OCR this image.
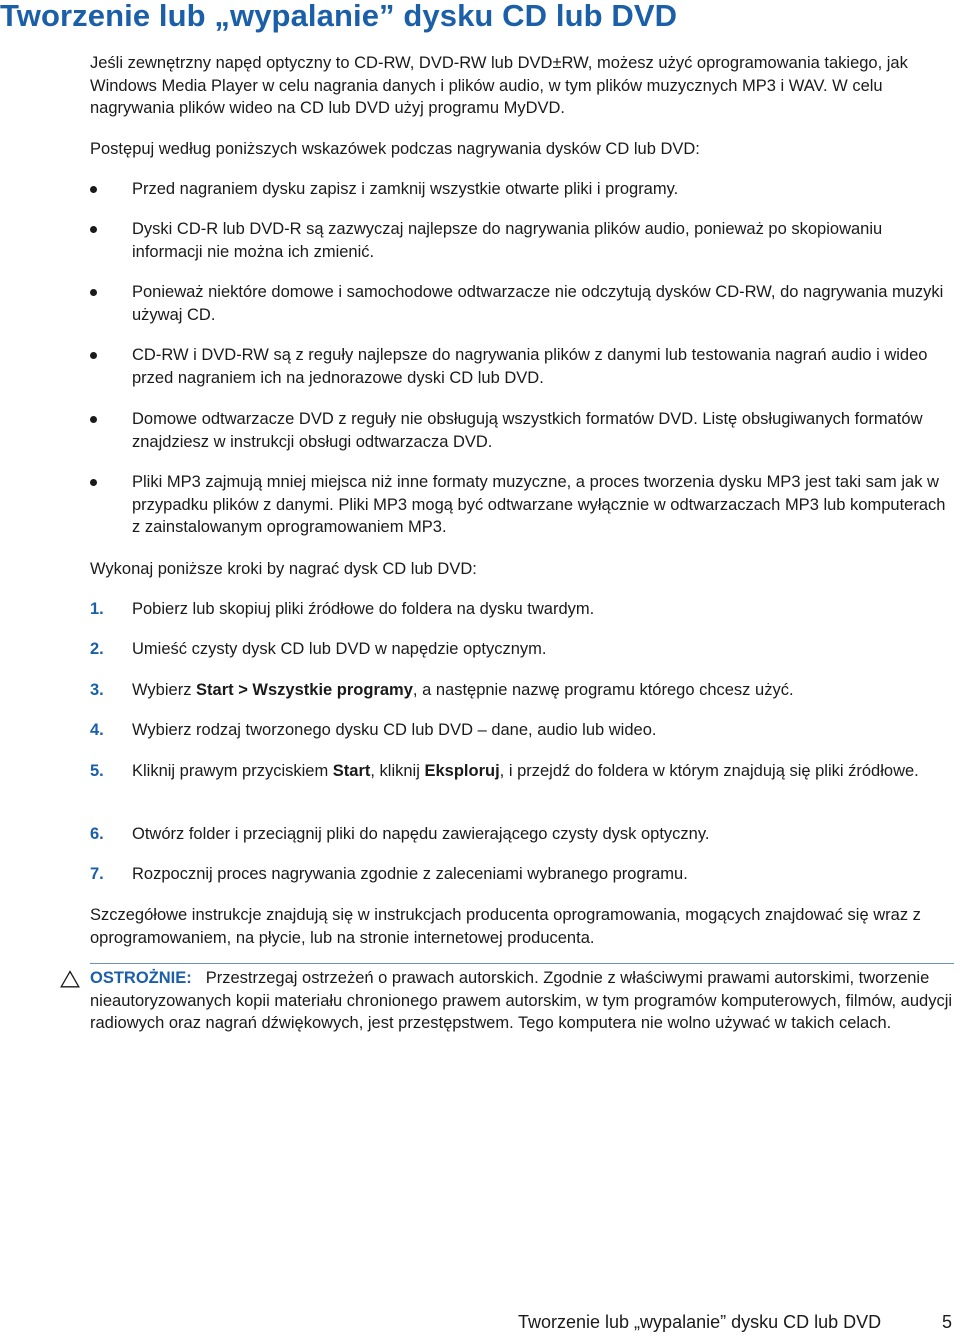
Tworzenie lub „wypalanie” dysku CD lub DVD

Jeśli zewnętrzny napęd optyczny to CD-RW, DVD-RW lub DVD±RW, możesz użyć oprogramowania takiego, jak Windows Media Player w celu nagrania danych i plików audio, w tym plików muzycznych MP3 i WAV. W celu nagrywania plików wideo na CD lub DVD użyj programu MyDVD.

Postępuj według poniższych wskazówek podczas nagrywania dysków CD lub DVD:

Przed nagraniem dysku zapisz i zamknij wszystkie otwarte pliki i programy.
Dyski CD-R lub DVD-R są zazwyczaj najlepsze do nagrywania plików audio, ponieważ po skopiowaniu informacji nie można ich zmienić.
Ponieważ niektóre domowe i samochodowe odtwarzacze nie odczytują dysków CD-RW, do nagrywania muzyki używaj CD.
CD-RW i DVD-RW są z reguły najlepsze do nagrywania plików z danymi lub testowania nagrań audio i wideo przed nagraniem ich na jednorazowe dyski CD lub DVD.
Domowe odtwarzacze DVD z reguły nie obsługują wszystkich formatów DVD. Listę obsługiwanych formatów znajdziesz w instrukcji obsługi odtwarzacza DVD.
Pliki MP3 zajmują mniej miejsca niż inne formaty muzyczne, a proces tworzenia dysku MP3 jest taki sam jak w przypadku plików z danymi. Pliki MP3 mogą być odtwarzane wyłącznie w odtwarzaczach MP3 lub komputerach z zainstalowanym oprogramowaniem MP3.

Wykonaj poniższe kroki by nagrać dysk CD lub DVD:

1. Pobierz lub skopiuj pliki źródłowe do foldera na dysku twardym.
2. Umieść czysty dysk CD lub DVD w napędzie optycznym.
3. Wybierz Start > Wszystkie programy, a następnie nazwę programu którego chcesz użyć.
4. Wybierz rodzaj tworzonego dysku CD lub DVD – dane, audio lub wideo.
5. Kliknij prawym przyciskiem Start, kliknij Eksploruj, i przejdź do foldera w którym znajdują się pliki źródłowe.
6. Otwórz folder i przeciągnij pliki do napędu zawierającego czysty dysk optyczny.
7. Rozpocznij proces nagrywania zgodnie z zaleceniami wybranego programu.

Szczegółowe instrukcje znajdują się w instrukcjach producenta oprogramowania, mogących znajdować się wraz z oprogramowaniem, na płycie, lub na stronie internetowej producenta.

OSTROŻNIE: Przestrzegaj ostrzeżeń o prawach autorskich. Zgodnie z właściwymi prawami autorskimi, tworzenie nieautoryzowanych kopii materiału chronionego prawem autorskim, w tym programów komputerowych, filmów, audycji radiowych oraz nagrań dźwiękowych, jest przestępstwem. Tego komputera nie wolno używać w takich celach.
Tworzenie lub „wypalanie” dysku CD lub DVD	5
